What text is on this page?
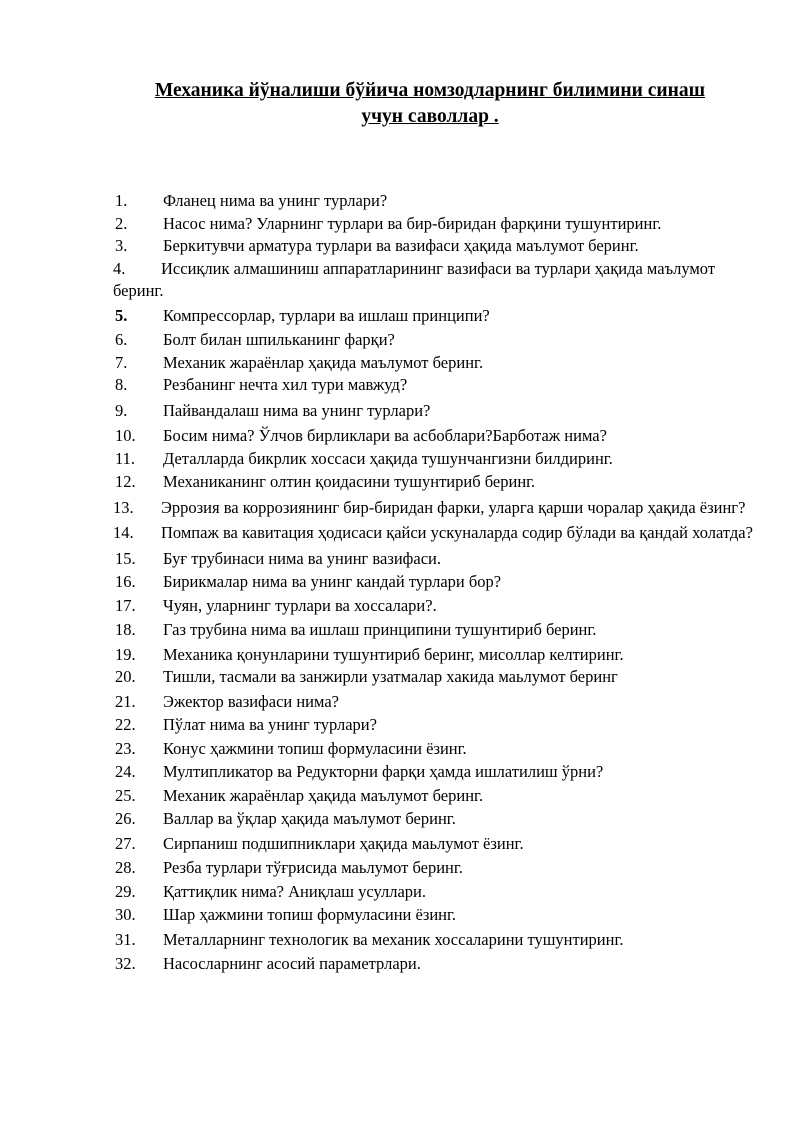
Механика йўналиши бўйича номзодларнинг билимини синаш
учун саволлар .
1. Фланец нима ва унинг турлари?
2. Насос нима? Уларнинг турлари ва бир-биридан фарқини тушунтиринг.
3. Беркитувчи арматура турлари ва вазифаси ҳақида маълумот беринг.
4. Иссиқлик алмашиниш аппаратларининг вазифаси ва турлари ҳақида маълумот беринг.
5. Компрессорлар, турлари ва ишлаш принципи?
6. Болт билан шпильканинг фарқи?
7. Механик жараёнлар ҳақида маълумот беринг.
8. Резбанинг нечта хил тури мавжуд?
9. Пайвандалаш нима ва унинг турлари?
10. Босим нима? Ўлчов бирликлари ва асбоблари?Барботаж нима?
11. Деталларда бикрлик хоссаси ҳақида тушунчангизни билдиринг.
12. Механиканинг олтин қоидасини тушунтириб беринг.
13. Эррозия ва коррозиянинг бир-биридан фарки, уларга қарши чоралар ҳақида ёзинг?
14. Помпаж ва кавитация ҳодисаси қайси ускуналарда содир бўлади ва қандай холатда?
15. Буғ трубинаси нима ва унинг вазифаси.
16. Бирикмалар нима ва унинг кандай турлари бор?
17. Чуян, уларнинг турлари ва хоссалари?.
18. Газ трубина нима ва ишлаш принципини тушунтириб беринг.
19. Механика қонунларини тушунтириб беринг, мисоллар келтиринг.
20. Тишли, тасмали ва занжирли узатмалар хакида маьлумот беринг
21. Эжектор вазифаси нима?
22. Пўлат нима ва унинг турлари?
23. Конус ҳажмини топиш формуласини ёзинг.
24. Мултипликатор ва Редукторни фарқи ҳамда ишлатилиш ўрни?
25. Механик жараёнлар ҳақида маълумот беринг.
26. Валлар ва ўқлар ҳақида маълумот беринг.
27. Сирпаниш подшипниклари ҳақида маьлумот ёзинг.
28. Резба турлари тўғрисида маьлумот беринг.
29. Қаттиқлик нима? Аниқлаш усуллари.
30. Шар ҳажмини топиш формуласини ёзинг.
31. Металларнинг технологик ва механик хоссаларини тушунтиринг.
32. Насосларнинг асосий параметрлари.
